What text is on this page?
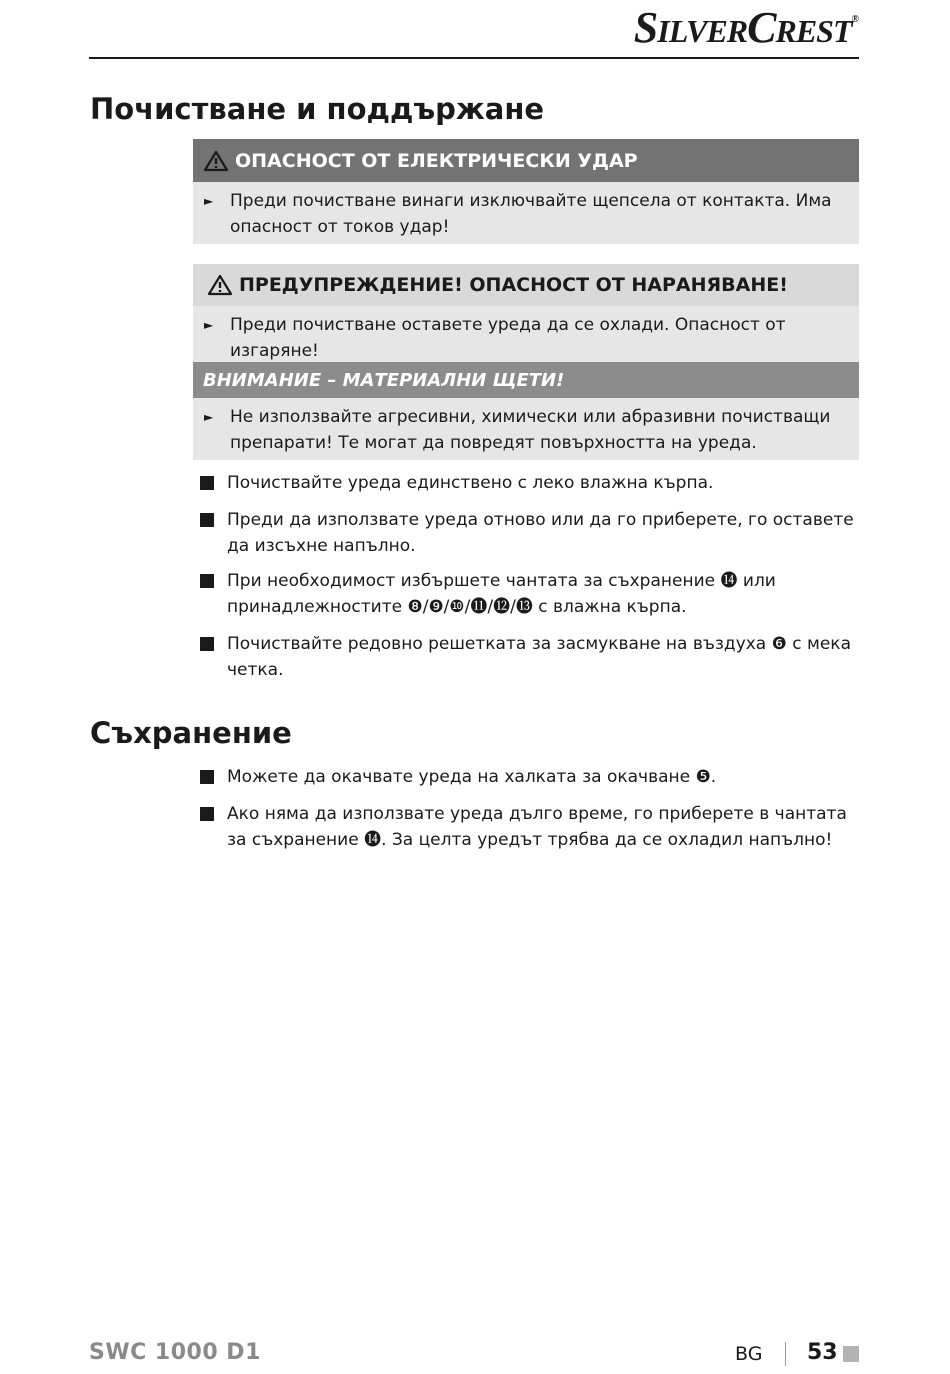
SILVERCREST®
Почистване и поддържане
ОПАСНОСТ ОТ ЕЛЕКТРИЧЕСКИ УДАР
► Преди почистване винаги изключвайте щепсела от контакта. Има опасност от токов удар!
ПРЕДУПРЕЖДЕНИЕ! ОПАСНОСТ ОТ НАРАНЯВАНЕ!
► Преди почистване оставете уреда да се охлади. Опасност от изгаряне!
ВНИМАНИЕ – МАТЕРИАЛНИ ЩЕТИ!
► Не използвайте агресивни, химически или абразивни почистващи препарати! Те могат да повредят повърхността на уреда.
Почиствайте уреда единствено с леко влажна кърпа.
Преди да използвате уреда отново или да го приберете, го оставете да изсъхне напълно.
При необходимост избършете чантата за съхранение ⓮ или принадлежностите ❽/❾/❿/⓫/⓬/⓭ с влажна кърпа.
Почиствайте редовно решетката за засмукване на въздуха ❻ с мека четка.
Съхранение
Можете да окачвате уреда на халката за окачване ❺.
Ако няма да използвате уреда дълго време, го приберете в чантата за съхранение ⓮. За целта уредът трябва да се охладил напълно!
SWC 1000 D1	BG 53
